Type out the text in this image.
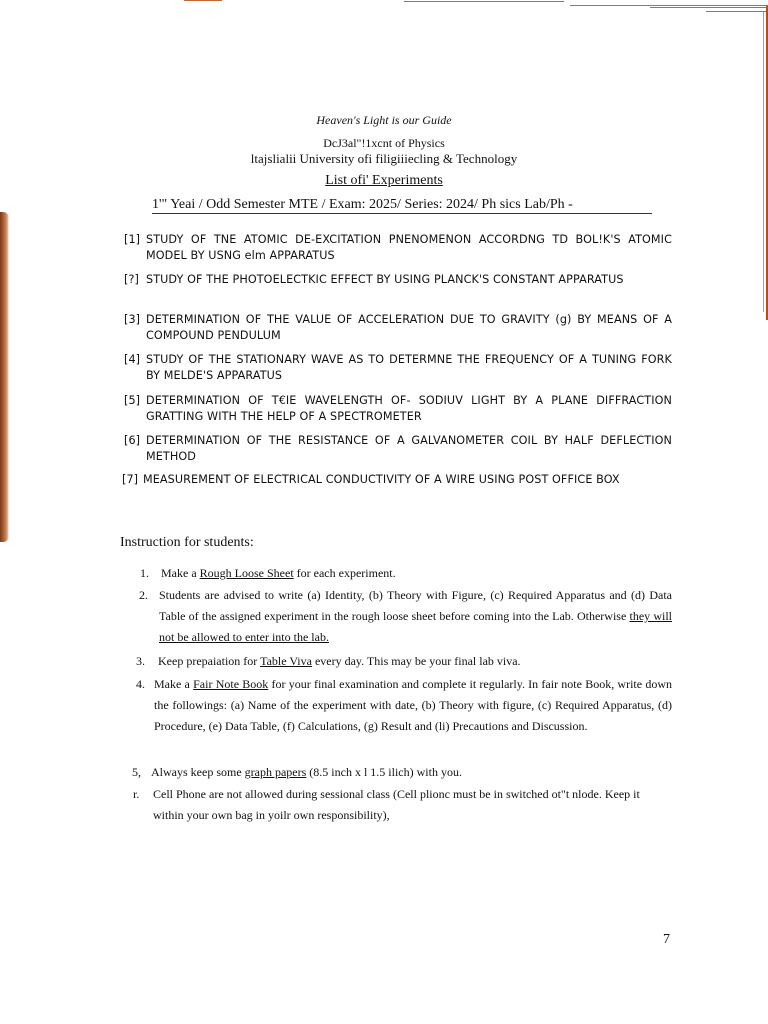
Heaven's Light is our Guide
DcJ3al"!1xcnt of Physics
ltajslialii University ofi filigiiiecling & Technology
List ofi' Experiments
1'" Yeai / Odd Semester MTE / Exam: 2025/ Series: 2024/ Ph sics Lab/Ph -
[1] STUDY OF TNE ATOMIC DE-EXCITATION PNENOMENON ACCORDNG TD BOL!K'S ATOMIC MODEL BY USNG elm APPARATUS
[?] STUDY OF THE PHOTOELECTKIC EFFECT BY USING PLANCK'S CONSTANT APPARATUS
[3] DETERMINATION OF THE VALUE OF ACCELERATION DUE TO GRAVITY (g) BY MEANS OF A COMPOUND PENDULUM
[4] STUDY OF THE STATIONARY WAVE AS TO DETERMNE THE FREQUENCY OF A TUNING FORK BY MELDE'S APPARATUS
[5] DETERMINATION OF T€IE WAVELENGTH OF- SODIUV LIGHT BY A PLANE DIFFRACTION GRATTING WITH THE HELP OF A SPECTROMETER
[6] DETERMINATION OF THE RESISTANCE OF A GALVANOMETER COIL BY HALF DEFLECTION METHOD
[7] MEASUREMENT OF ELECTRICAL CONDUCTIVITY OF A WIRE USING POST OFFICE BOX
Instruction for students:
1.	Make a Rough Loose Sheet for each experiment.
2. Students are advised to write (a) Identity, (b) Theory with Figure, (c) Required Apparatus and (d) Data Table of the assigned experiment in the rough loose sheet before coming into the Lab. Otherwise they will not be allowed to enter into the lab.
3.	Keep prepaiation for Table Viva every day. This may be your final lab viva.
4. Make a Fair Note Book for your final examination and complete it regularly. In fair note Book, write down the followings: (a) Name of the experiment with date, (b) Theory with figure, (c) Required Apparatus, (d) Procedure, (e) Data Table, (f) Calculations, (g) Result and (li) Precautions and Discussion.
5, Always keep some graph papers (8.5 inch x l 1.5 ilich) with you.
r.	Cell Phone are not allowed during sessional class (Cell plionc must be in switched ot"t nlode. Keep it within your own bag in yoilr own responsibility),
7
